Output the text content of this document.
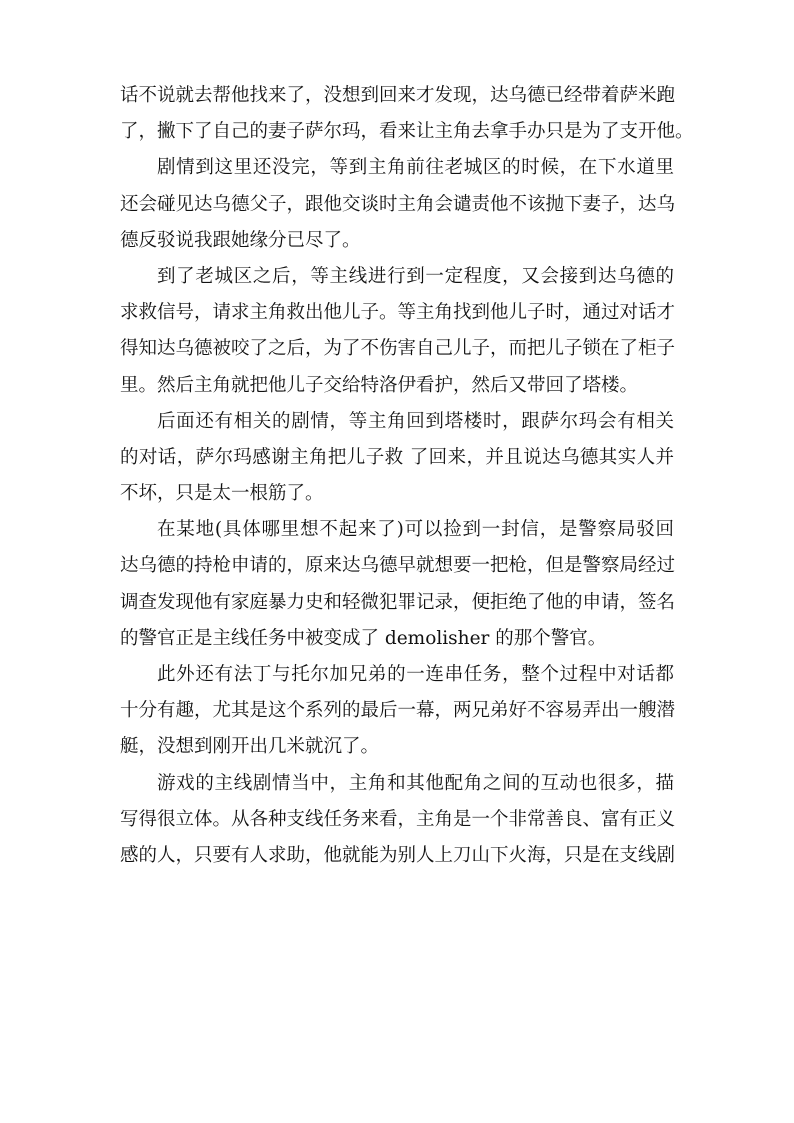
话不说就去帮他找来了，没想到回来才发现，达乌德已经带着萨米跑
了，撇下了自己的妻子萨尔玛，看来让主角去拿手办只是为了支开他。
剧情到这里还没完，等到主角前往老城区的时候，在下水道里
还会碰见达乌德父子，跟他交谈时主角会谴责他不该抛下妻子，达乌
德反驳说我跟她缘分已尽了。
到了老城区之后，等主线进行到一定程度，又会接到达乌德的
求救信号，请求主角救出他儿子。等主角找到他儿子时，通过对话才
得知达乌德被咬了之后，为了不伤害自己儿子，而把儿子锁在了柜子
里。然后主角就把他儿子交给特洛伊看护，然后又带回了塔楼。
后面还有相关的剧情，等主角回到塔楼时，跟萨尔玛会有相关
的对话，萨尔玛感谢主角把儿子救 了回来，并且说达乌德其实人并
不坏，只是太一根筋了。
在某地(具体哪里想不起来了)可以捡到一封信，是警察局驳回
达乌德的持枪申请的，原来达乌德早就想要一把枪，但是警察局经过
调查发现他有家庭暴力史和轻微犯罪记录，便拒绝了他的申请，签名
的警官正是主线任务中被变成了 demolisher 的那个警官。
此外还有法丁与托尔加兄弟的一连串任务，整个过程中对话都
十分有趣，尤其是这个系列的最后一幕，两兄弟好不容易弄出一艘潜
艇，没想到刚开出几米就沉了。
游戏的主线剧情当中，主角和其他配角之间的互动也很多，描
写得很立体。从各种支线任务来看，主角是一个非常善良、富有正义
感的人，只要有人求助，他就能为别人上刀山下火海，只是在支线剧
